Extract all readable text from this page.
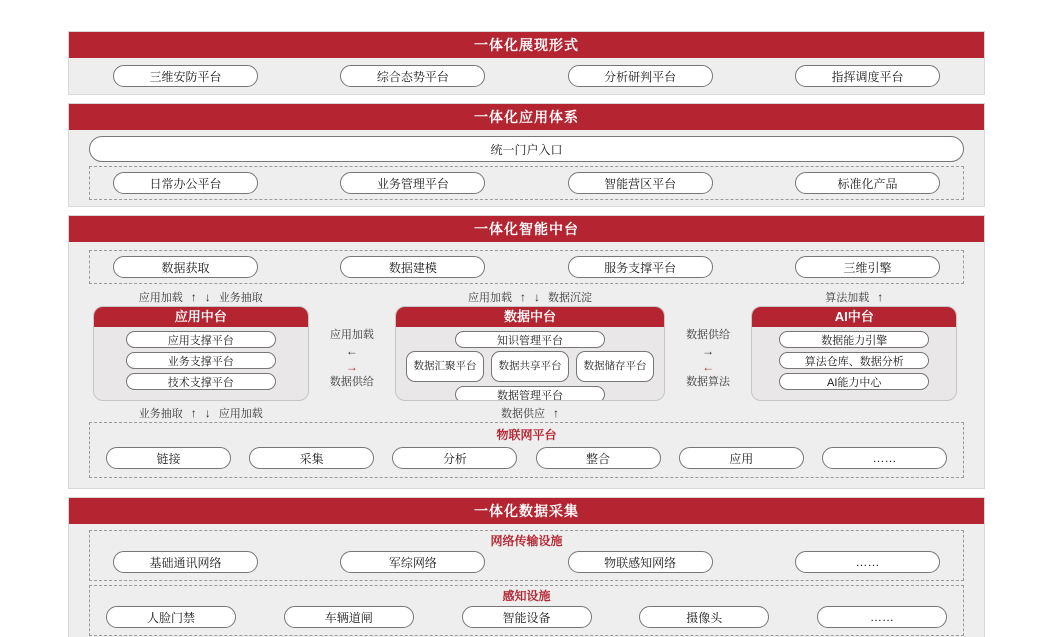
一体化展现形式
三维安防平台	综合态势平台	分析研判平台	指挥调度平台
一体化应用体系
统一门户入口
日常办公平台	业务管理平台	智能营区平台	标准化产品
一体化智能中台
数据获取	数据建模	服务支撑平台	三维引擎
应用加载 ↑ ↓ 业务抽取	应用加载 ↑ ↓ 数据沉淀	算法加载 ↑
应用中台
应用支撑平台
业务支撑平台
技术支撑平台
应用加载
←
→
数据供给
数据中台
知识管理平台
数据汇聚平台	数据共享平台	数据储存平台
数据管理平台
数据供给
→
←
数据算法
AI中台
数据能力引擎
算法仓库、数据分析
AI能力中心
业务抽取 ↑ ↓ 应用加载	数据供应 ↑
物联网平台
链接	采集	分析	整合	应用	……
一体化数据采集
网络传输设施
基础通讯网络	军综网络	物联感知网络	……
感知设施
人脸门禁	车辆道闸	智能设备	摄像头	……
